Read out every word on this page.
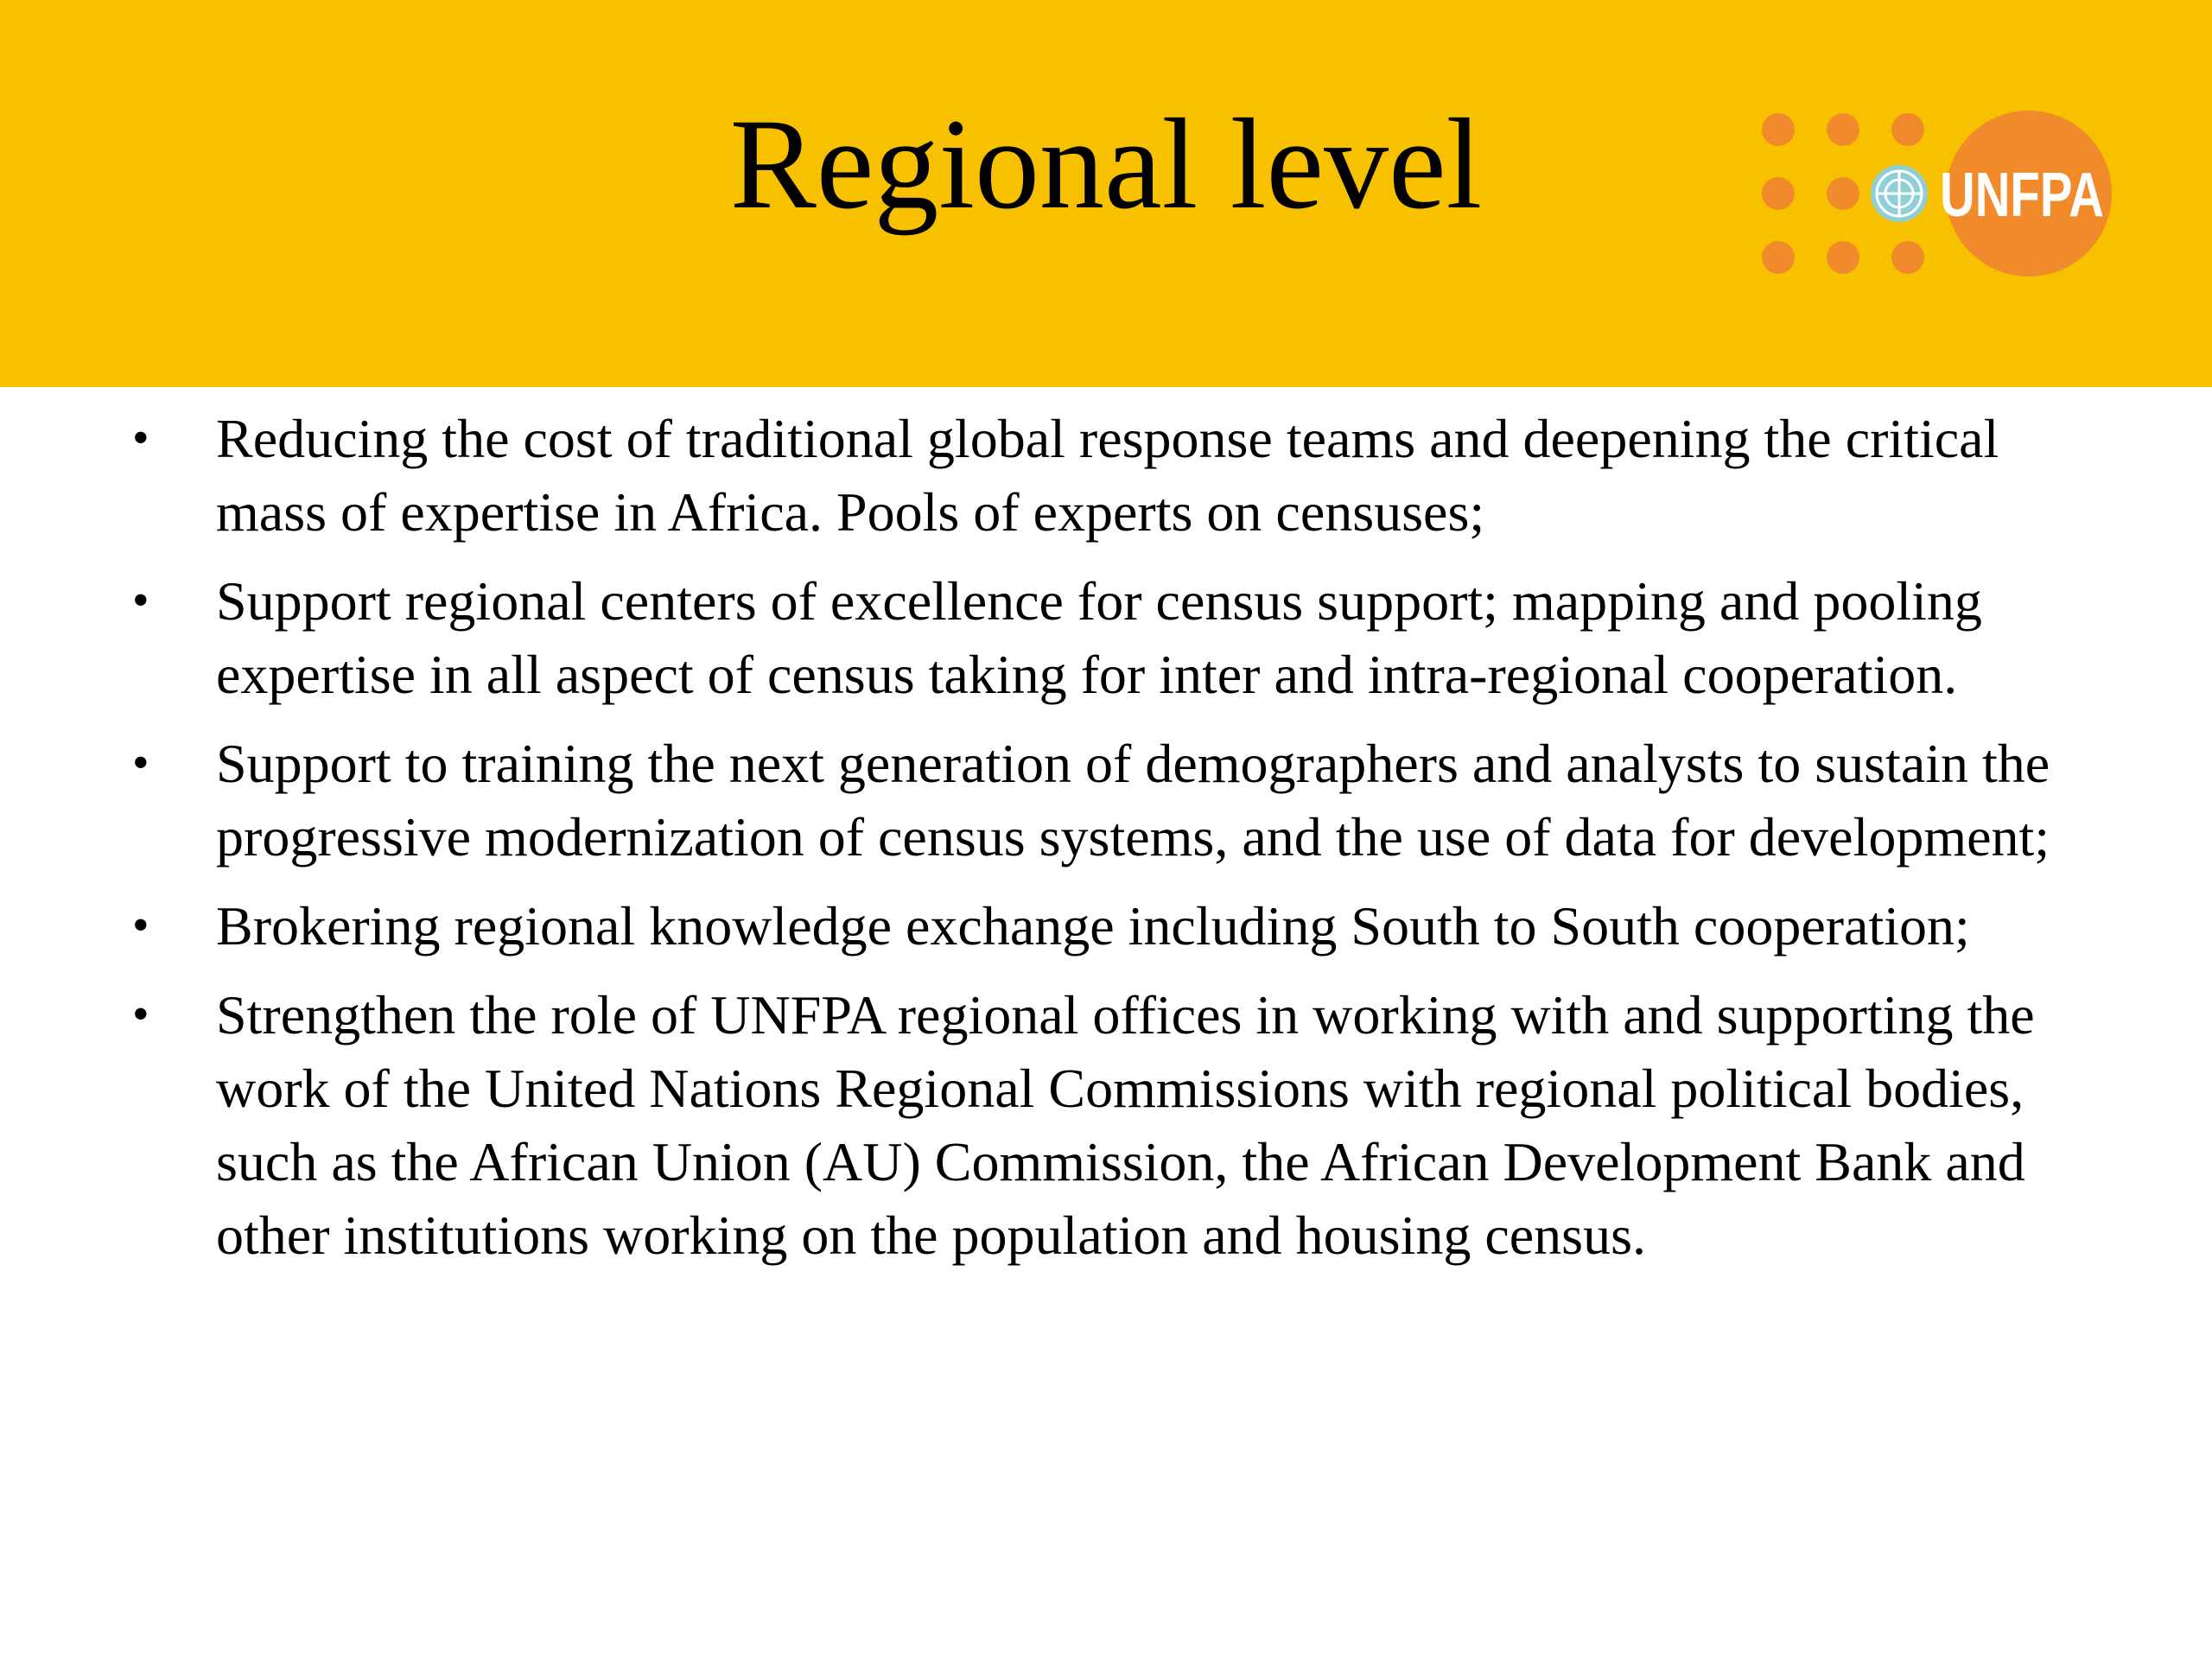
Regional level	UNFPA
• Reducing the cost of traditional global response teams and deepening the critical mass of expertise in Africa. Pools of experts on censuses;
• Support regional centers of excellence for census support; mapping and pooling expertise in all aspect of census taking for inter and intra-regional cooperation.
• Support to training the next generation of demographers and analysts to sustain the progressive modernization of census systems, and the use of data for development;
• Brokering regional knowledge exchange including South to South cooperation;
• Strengthen the role of UNFPA regional offices in working with and supporting the work of the United Nations Regional Commissions with regional political bodies, such as the African Union (AU) Commission, the African Development Bank and other institutions working on the population and housing census.
